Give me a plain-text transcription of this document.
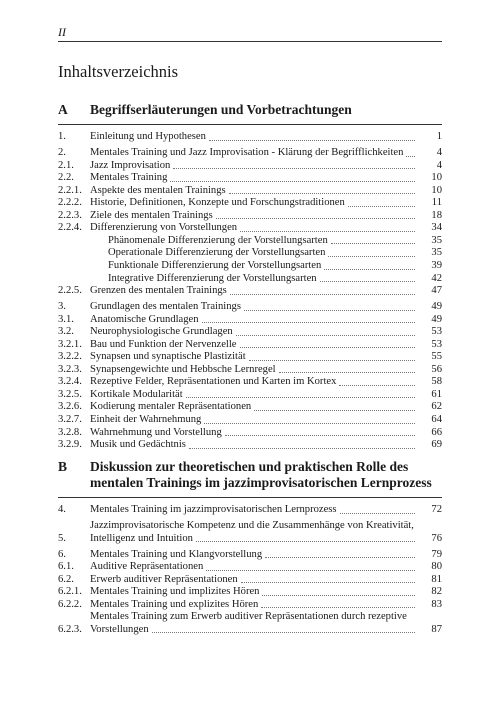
II
Inhaltsverzeichnis
A	Begriffserläuterungen und Vorbetrachtungen
1.	Einleitung und Hypothesen	1
2.	Mentales Training und Jazz Improvisation - Klärung der Begrifflichkeiten	4
2.1.	Jazz Improvisation	4
2.2.	Mentales Training	10
2.2.1. Aspekte des mentalen Trainings	10
2.2.2. Historie, Definitionen, Konzepte und Forschungstraditionen	11
2.2.3. Ziele des mentalen Trainings	18
2.2.4. Differenzierung von Vorstellungen	34
Phänomenale Differenzierung der Vorstellungsarten	35
Operationale Differenzierung der Vorstellungsarten	35
Funktionale Differenzierung der Vorstellungsarten	39
Integrative Differenzierung der Vorstellungsarten	42
2.2.5. Grenzen des mentalen Trainings	47
3.	Grundlagen des mentalen Trainings	49
3.1.	Anatomische Grundlagen	49
3.2.	Neurophysiologische Grundlagen	53
3.2.1. Bau und Funktion der Nervenzelle	53
3.2.2. Synapsen und synaptische Plastizität	55
3.2.3. Synapsengewichte und Hebbsche Lernregel	56
3.2.4. Rezeptive Felder, Repräsentationen und Karten im Kortex	58
3.2.5. Kortikale Modularität	61
3.2.6. Kodierung mentaler Repräsentationen	62
3.2.7. Einheit der Wahrnehmung	64
3.2.8. Wahrnehmung und Vorstellung	66
3.2.9. Musik und Gedächtnis	69
B	Diskussion zur theoretischen und praktischen Rolle des mentalen Trainings im jazzimprovisatorischen Lernprozess
4.	Mentales Training im jazzimprovisatorischen Lernprozess	72
5.
Jazzimprovisatorische Kompetenz und die Zusammenhänge von Kreativität,
Intelligenz und Intuition	76
6.	Mentales Training und Klangvorstellung	79
6.1.	Auditive Repräsentationen	80
6.2.	Erwerb auditiver Repräsentationen	81
6.2.1. Mentales Training und implizites Hören	82
6.2.2. Mentales Training und explizites Hören	83
6.2.3.
Mentales Training zum Erwerb auditiver Repräsentationen durch rezeptive
Vorstellungen	87
